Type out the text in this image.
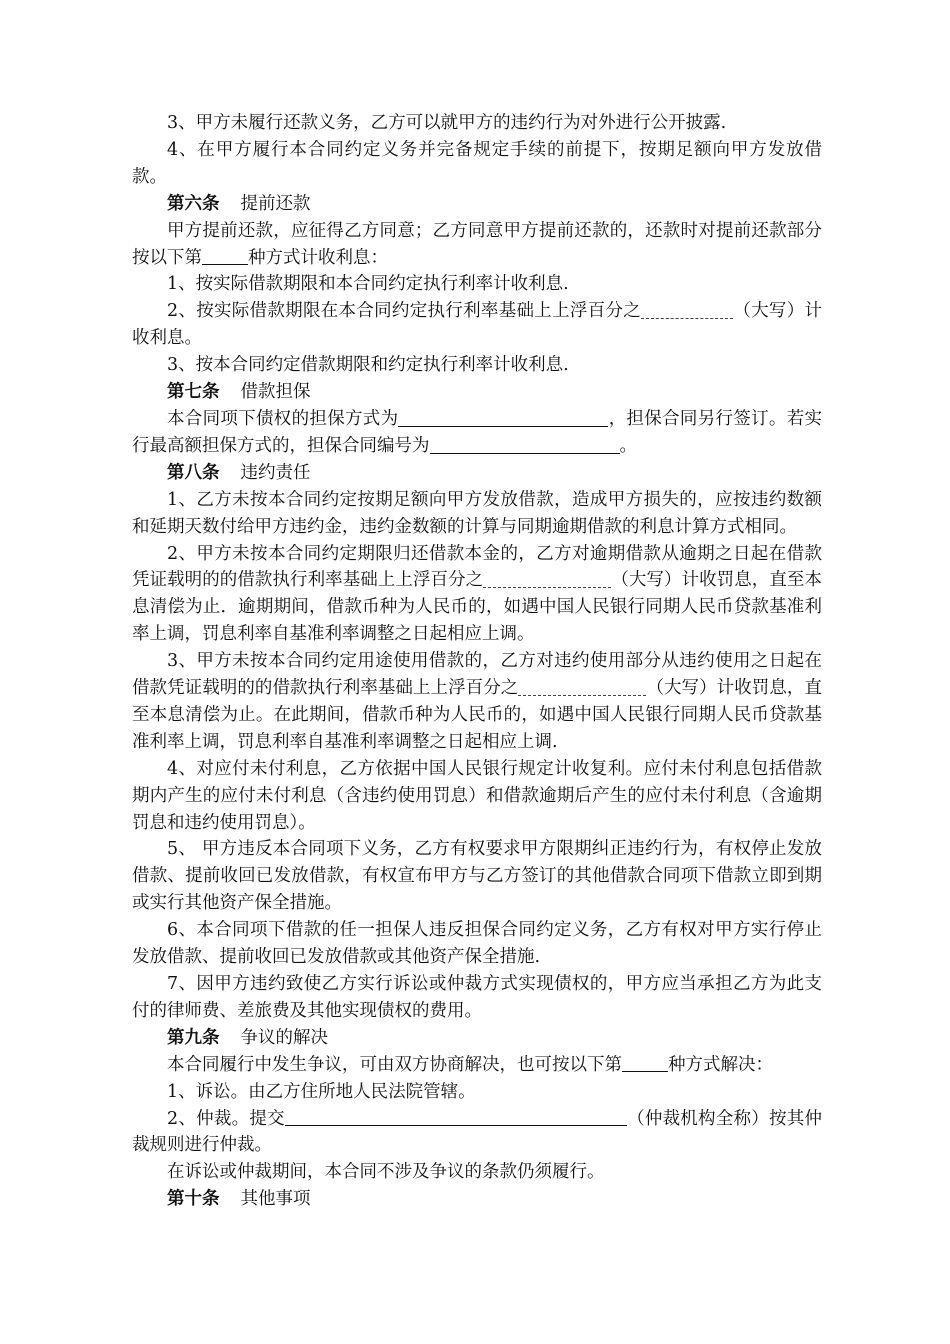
3、甲方未履行还款义务，乙方可以就甲方的违约行为对外进行公开披露.

4、在甲方履行本合同约定义务并完备规定手续的前提下，按期足额向甲方发放借款。

第六条 提前还款

甲方提前还款，应征得乙方同意；乙方同意甲方提前还款的，还款时对提前还款部分按以下第	种方式计收利息：

1、按实际借款期限和本合同约定执行利率计收利息.

2、按实际借款期限在本合同约定执行利率基础上上浮百分之	（大写）计收利息。

3、按本合同约定借款期限和约定执行利率计收利息.

第七条 借款担保

本合同项下债权的担保方式为	，担保合同另行签订。若实行最高额担保方式的，担保合同编号为	。

第八条 违约责任

1、乙方未按本合同约定按期足额向甲方发放借款，造成甲方损失的，应按违约数额和延期天数付给甲方违约金，违约金数额的计算与同期逾期借款的利息计算方式相同。

2、甲方未按本合同约定期限归还借款本金的，乙方对逾期借款从逾期之日起在借款凭证载明的的借款执行利率基础上上浮百分之	（大写）计收罚息，直至本息清偿为止．逾期期间，借款币种为人民币的，如遇中国人民银行同期人民币贷款基准利率上调，罚息利率自基准利率调整之日起相应上调。

3、甲方未按本合同约定用途使用借款的，乙方对违约使用部分从违约使用之日起在借款凭证载明的的借款执行利率基础上上浮百分之	（大写）计收罚息，直至本息清偿为止。在此期间，借款币种为人民币的，如遇中国人民银行同期人民币贷款基准利率上调，罚息利率自基准利率调整之日起相应上调.

4、对应付未付利息，乙方依据中国人民银行规定计收复利。应付未付利息包括借款期内产生的应付未付利息（含违约使用罚息）和借款逾期后产生的应付未付利息（含逾期罚息和违约使用罚息）。

5、 甲方违反本合同项下义务，乙方有权要求甲方限期纠正违约行为，有权停止发放借款、提前收回已发放借款，有权宣布甲方与乙方签订的其他借款合同项下借款立即到期或实行其他资产保全措施。

6、本合同项下借款的任一担保人违反担保合同约定义务，乙方有权对甲方实行停止发放借款、提前收回已发放借款或其他资产保全措施.

7、因甲方违约致使乙方实行诉讼或仲裁方式实现债权的，甲方应当承担乙方为此支付的律师费、差旅费及其他实现债权的费用。

第九条 争议的解决

本合同履行中发生争议，可由双方协商解决，也可按以下第	种方式解决：

1、诉讼。由乙方住所地人民法院管辖。

2、仲裁。提交	（仲裁机构全称）按其仲裁规则进行仲裁。

在诉讼或仲裁期间，本合同不涉及争议的条款仍须履行。

第十条 其他事项
